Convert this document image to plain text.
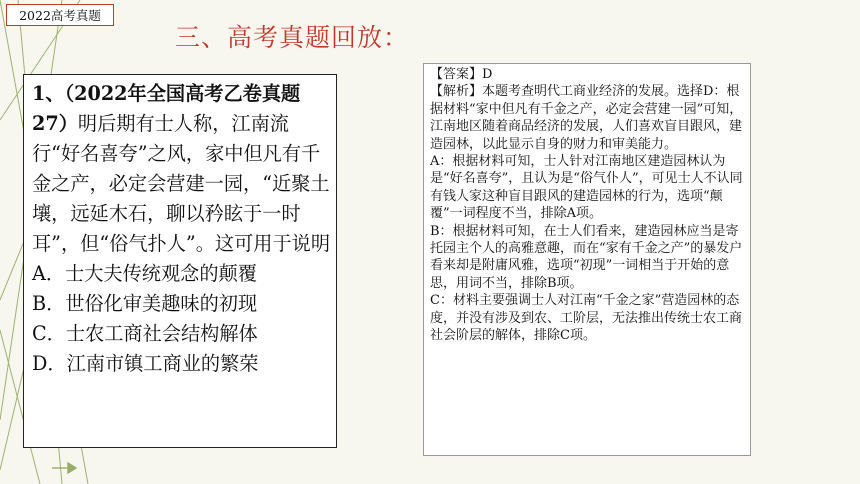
2022高考真题
三、高考真题回放：

1、（2022年全国高考乙卷真题27）明后期有士人称，江南流行“好名喜夸”之风，家中但凡有千金之产，必定会营建一园，“近聚土壤，远延木石，聊以矜眩于一时耳”，但“俗气扑人”。这可用于说明

A．士大夫传统观念的颠覆

B．世俗化审美趣味的初现

C．士农工商社会结构解体

D．江南市镇工商业的繁荣

【答案】D

【解析】本题考查明代工商业经济的发展。选择D：根据材料“家中但凡有千金之产，必定会营建一园”可知，江南地区随着商品经济的发展，人们喜欢盲目跟风，建造园林，以此显示自身的财力和审美能力。

A：根据材料可知，士人针对江南地区建造园林认为是“好名喜夸”，且认为是“俗气仆人”，可见士人不认同有钱人家这种盲目跟风的建造园林的行为，选项“颠覆”一词程度不当，排除A项。

B：根据材料可知，在士人们看来，建造园林应当是寄托园主个人的高雅意趣，而在“家有千金之产”的暴发户看来却是附庸风雅，选项“初现”一词相当于开始的意思，用词不当，排除B项。

C：材料主要强调士人对江南“千金之家”营造园林的态度，并没有涉及到农、工阶层，无法推出传统士农工商社会阶层的解体，排除C项。
